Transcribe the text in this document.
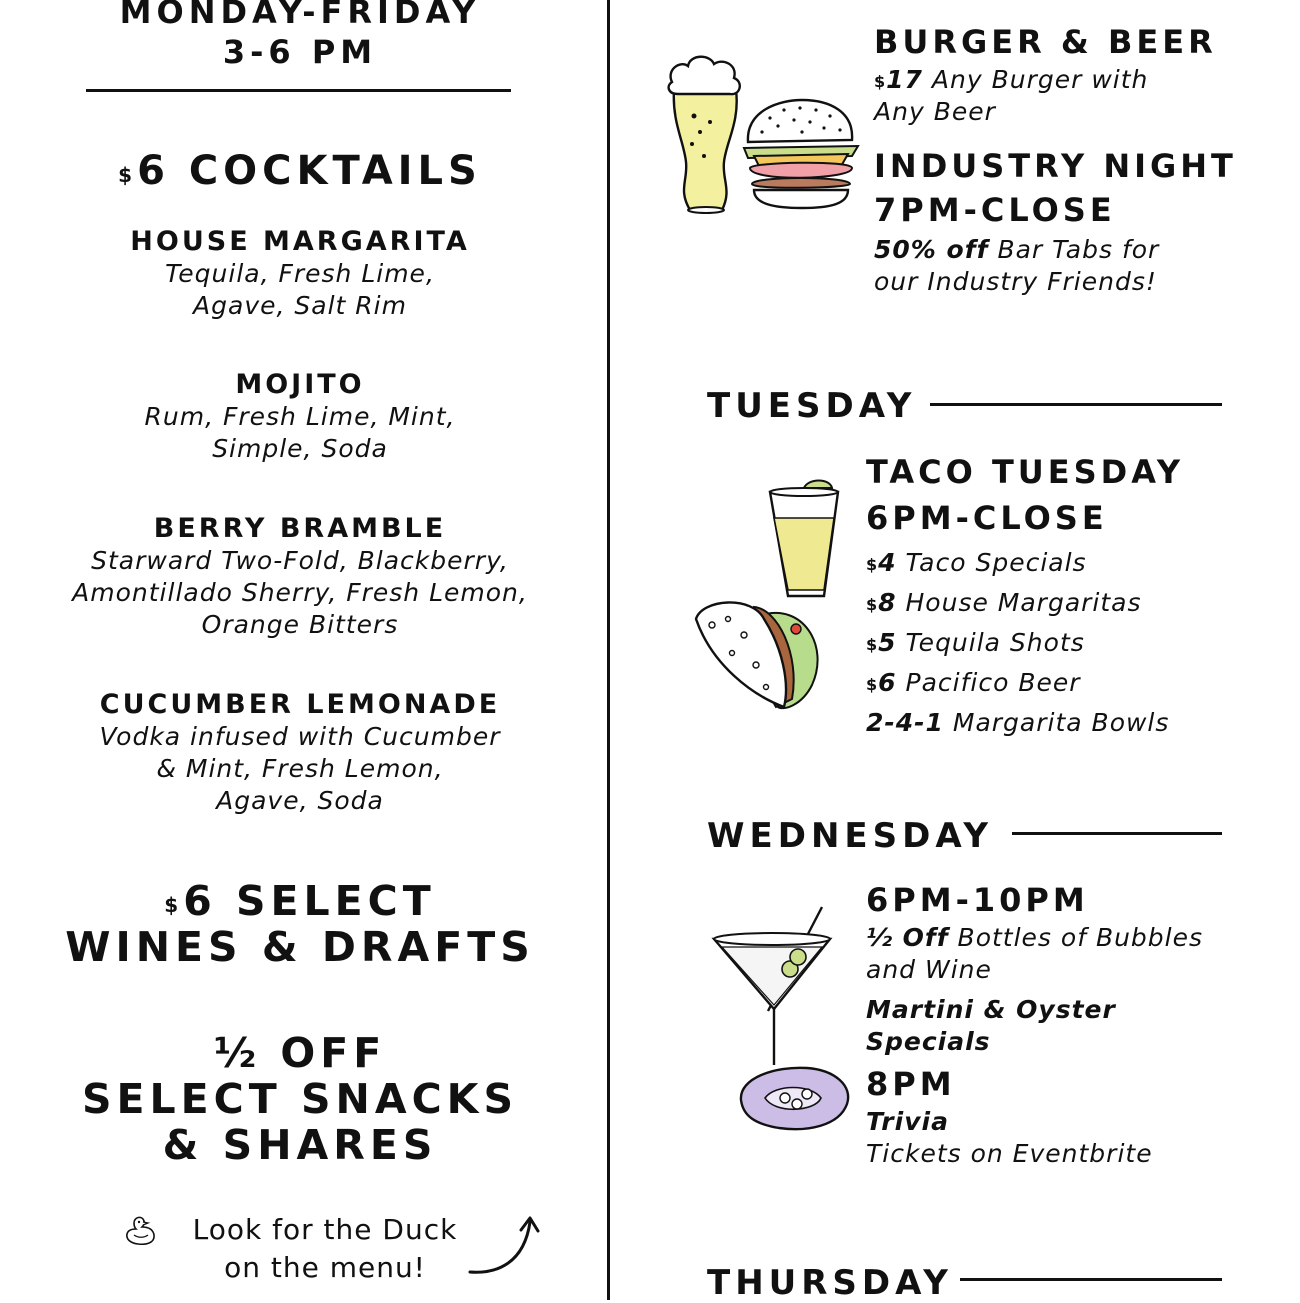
MONDAY-FRIDAY
3-6 PM
$6 COCKTAILS
HOUSE MARGARITA
Tequila, Fresh Lime,
Agave, Salt Rim
MOJITO
Rum, Fresh Lime, Mint,
Simple, Soda
BERRY BRAMBLE
Starward Two-Fold, Blackberry,
Amontillado Sherry, Fresh Lemon,
Orange Bitters
CUCUMBER LEMONADE
Vodka infused with Cucumber
& Mint, Fresh Lemon,
Agave, Soda
$6 SELECT
WINES & DRAFTS
½ OFF
SELECT SNACKS
& SHARES
Look for the Duck
on the menu!
BURGER & BEER
$17 Any Burger with
Any Beer
INDUSTRY NIGHT
7PM-CLOSE
50% off Bar Tabs for
our Industry Friends!
TUESDAY
TACO TUESDAY
6PM-CLOSE
$4 Taco Specials
$8 House Margaritas
$5 Tequila Shots
$6 Pacifico Beer
2-4-1 Margarita Bowls
WEDNESDAY
6PM-10PM
½ Off Bottles of Bubbles
and Wine
Martini & Oyster
Specials
8PM
Trivia
Tickets on Eventbrite
THURSDAY
